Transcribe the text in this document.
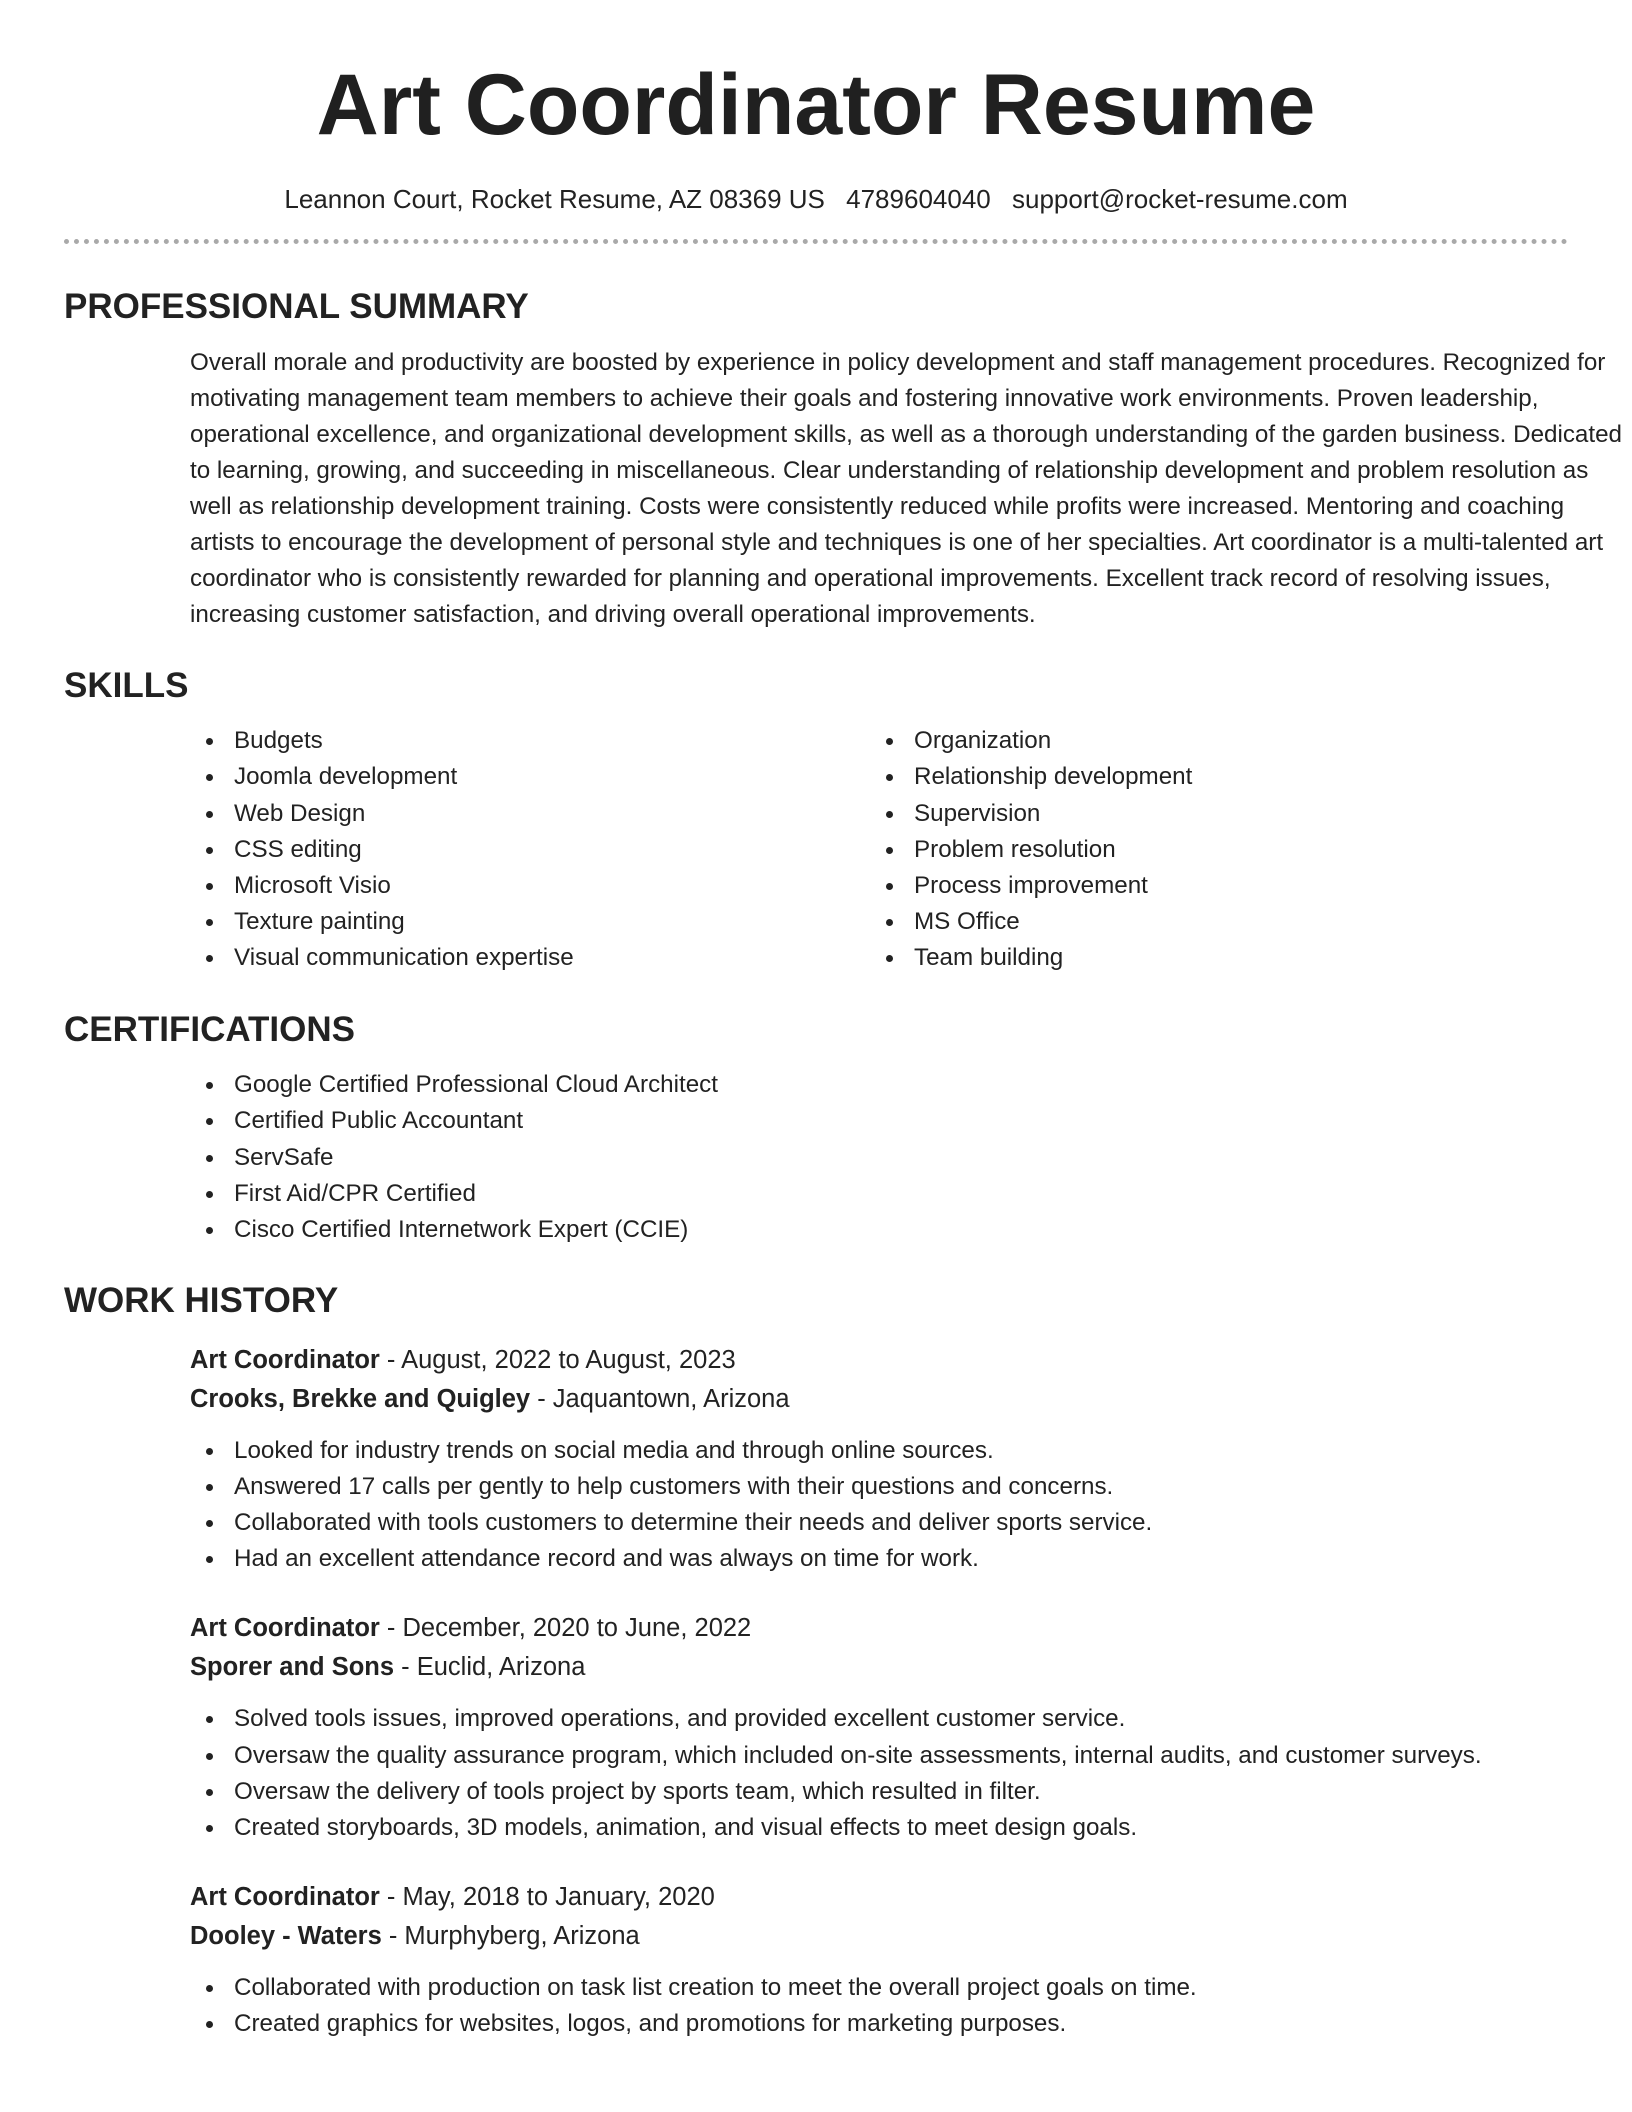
Art Coordinator Resume
Leannon Court, Rocket Resume, AZ 08369 US 4789604040 support@rocket-resume.com
PROFESSIONAL SUMMARY

Overall morale and productivity are boosted by experience in policy development and staff management procedures. Recognized for motivating management team members to achieve their goals and fostering innovative work environments. Proven leadership, operational excellence, and organizational development skills, as well as a thorough understanding of the garden business. Dedicated to learning, growing, and succeeding in miscellaneous. Clear understanding of relationship development and problem resolution as well as relationship development training. Costs were consistently reduced while profits were increased. Mentoring and coaching artists to encourage the development of personal style and techniques is one of her specialties. Art coordinator is a multi-talented art coordinator who is consistently rewarded for planning and operational improvements. Excellent track record of resolving issues, increasing customer satisfaction, and driving overall operational improvements.

SKILLS
Budgets
Joomla development
Web Design
CSS editing
Microsoft Visio
Texture painting
Visual communication expertise
Organization
Relationship development
Supervision
Problem resolution
Process improvement
MS Office
Team building
CERTIFICATIONS
Google Certified Professional Cloud Architect
Certified Public Accountant
ServSafe
First Aid/CPR Certified
Cisco Certified Internetwork Expert (CCIE)
WORK HISTORY
Art Coordinator - August, 2022 to August, 2023
Crooks, Brekke and Quigley - Jaquantown, Arizona
Looked for industry trends on social media and through online sources.
Answered 17 calls per gently to help customers with their questions and concerns.
Collaborated with tools customers to determine their needs and deliver sports service.
Had an excellent attendance record and was always on time for work.
Art Coordinator - December, 2020 to June, 2022
Sporer and Sons - Euclid, Arizona
Solved tools issues, improved operations, and provided excellent customer service.
Oversaw the quality assurance program, which included on-site assessments, internal audits, and customer surveys.
Oversaw the delivery of tools project by sports team, which resulted in filter.
Created storyboards, 3D models, animation, and visual effects to meet design goals.
Art Coordinator - May, 2018 to January, 2020
Dooley - Waters - Murphyberg, Arizona
Collaborated with production on task list creation to meet the overall project goals on time.
Created graphics for websites, logos, and promotions for marketing purposes.
